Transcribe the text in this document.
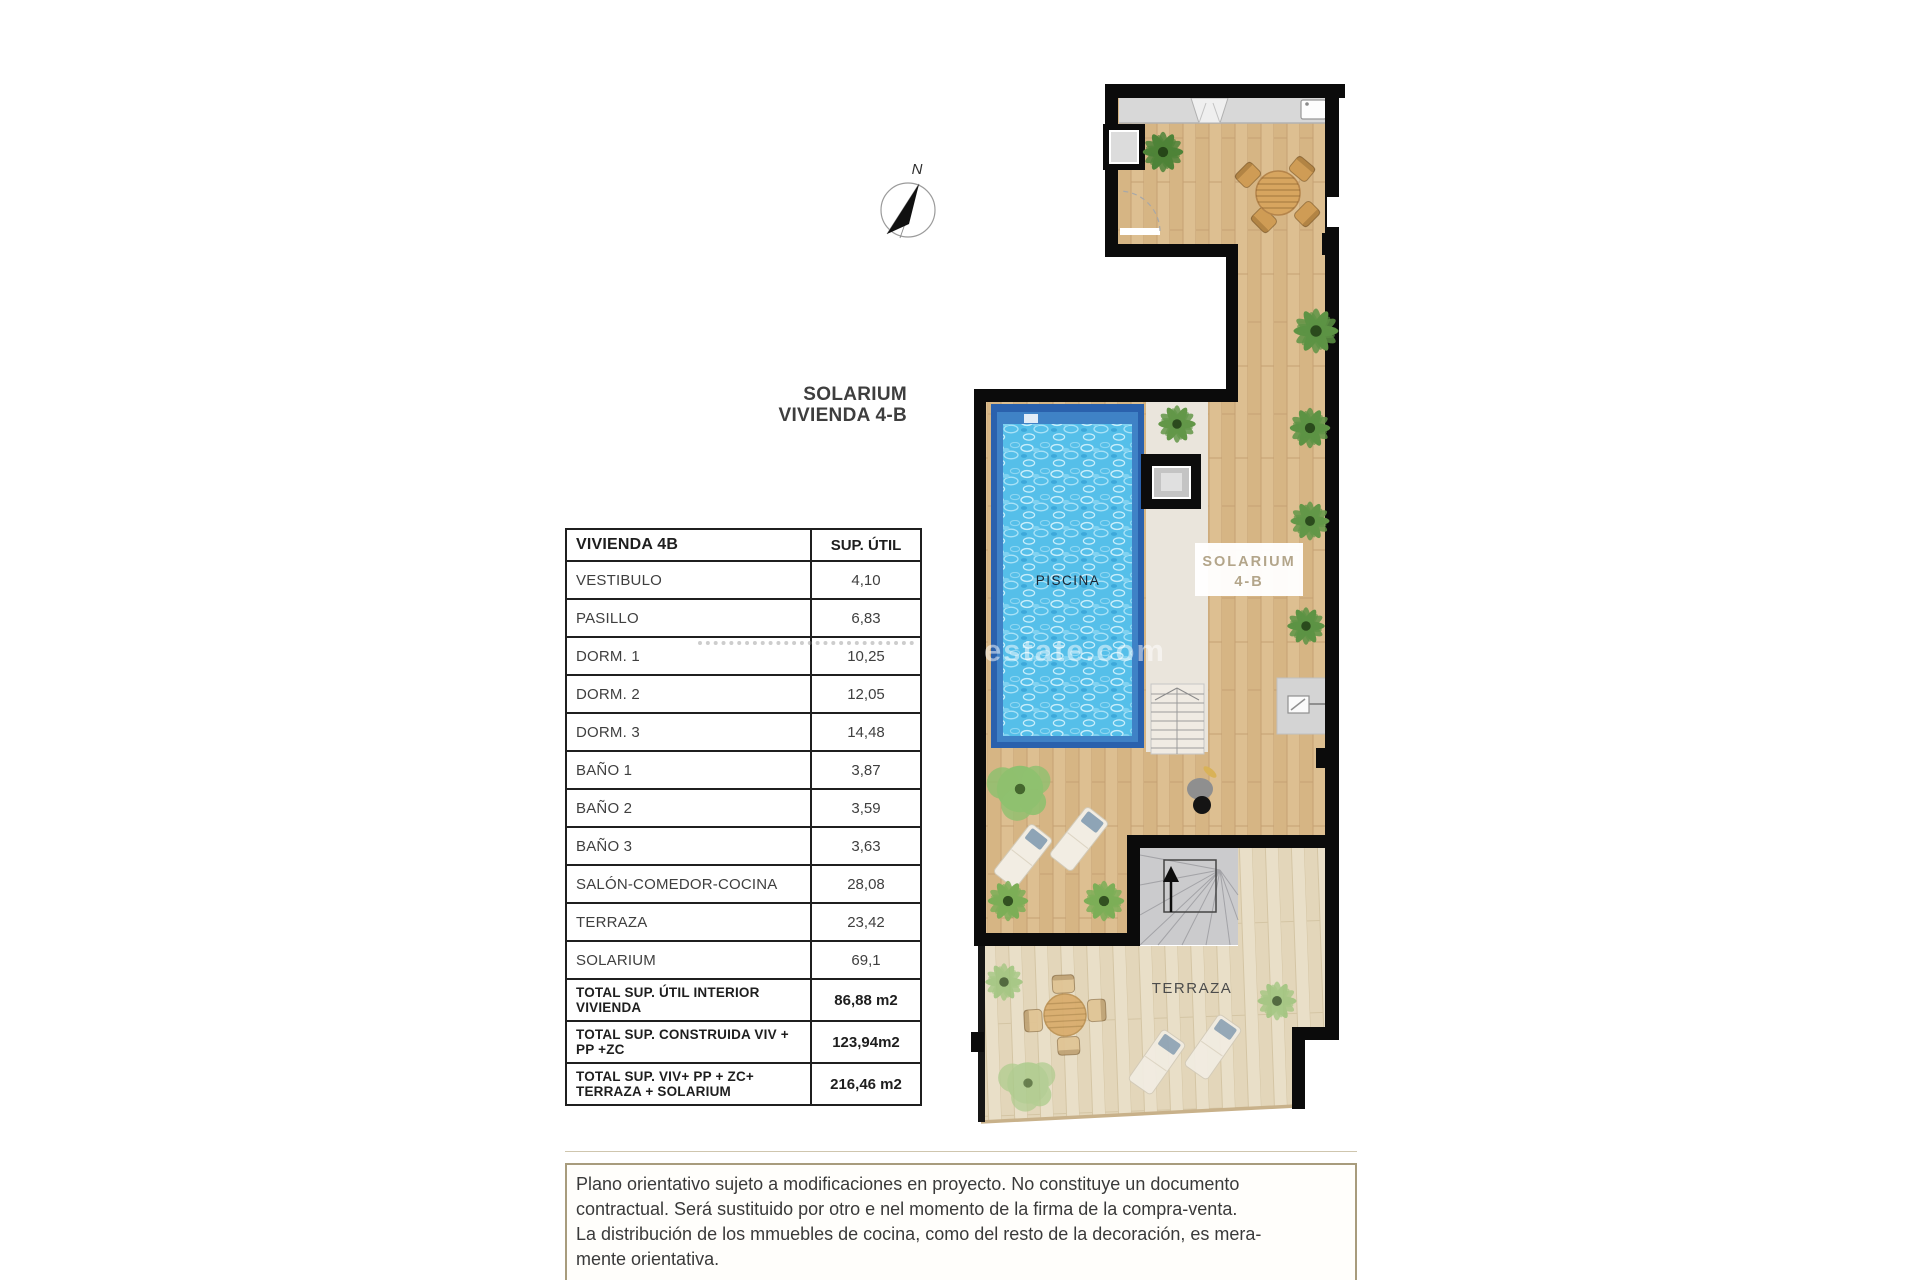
N
SOLARIUM
VIVIENDA 4-B
VIVIENDA 4B	SUP. ÚTIL
VESTIBULO	4,10
PASILLO	6,83
DORM. 1	10,25
DORM. 2	12,05
DORM. 3	14,48
BAÑO 1	3,87
BAÑO 2	3,59
BAÑO 3	3,63
SALÓN-COMEDOR-COCINA	28,08
TERRAZA	23,42
SOLARIUM	69,1
TOTAL SUP. ÚTIL INTERIOR VIVIENDA	86,88 m2
TOTAL SUP. CONSTRUIDA VIV + PP +ZC	123,94m2
TOTAL SUP. VIV+ PP + ZC+ TERRAZA + SOLARIUM	216,46 m2
PISCINA
SOLARIUM
4-B
TERRAZA
estate.com
Plano orientativo sujeto a modificaciones en proyecto. No constituye un documento
contractual. Será sustituido por otro e nel momento de la firma de la compra-venta.
La distribución de los mmuebles de cocina, como del resto de la decoración, es mera-
mente orientativa.
